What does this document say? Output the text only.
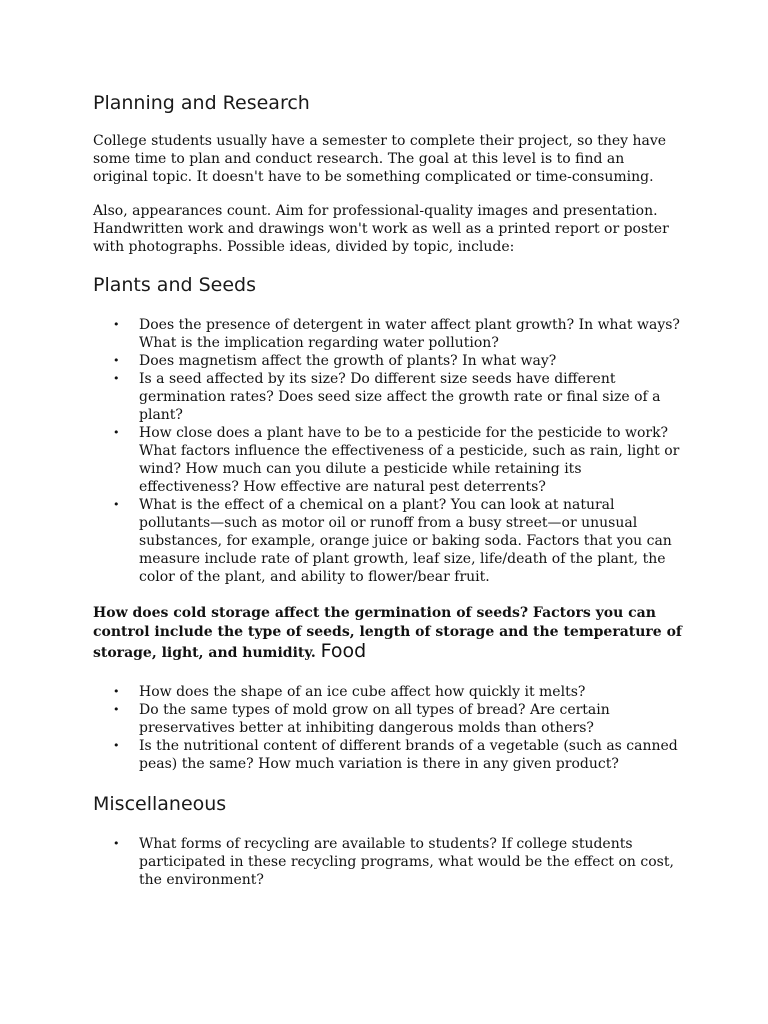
Planning and Research

College students usually have a semester to complete their project, so they have some time to plan and conduct research. The goal at this level is to find an original topic. It doesn't have to be something complicated or time-consuming.

Also, appearances count. Aim for professional-quality images and presentation. Handwritten work and drawings won't work as well as a printed report or poster with photographs. Possible ideas, divided by topic, include:

Plants and Seeds
• Does the presence of detergent in water affect plant growth? In what ways? What is the implication regarding water pollution?
• Does magnetism affect the growth of plants? In what way?
• Is a seed affected by its size? Do different size seeds have different germination rates? Does seed size affect the growth rate or final size of a plant?
• How close does a plant have to be to a pesticide for the pesticide to work? What factors influence the effectiveness of a pesticide, such as rain, light or wind? How much can you dilute a pesticide while retaining its effectiveness? How effective are natural pest deterrents?
• What is the effect of a chemical on a plant? You can look at natural pollutants—such as motor oil or runoff from a busy street—or unusual substances, for example, orange juice or baking soda. Factors that you can measure include rate of plant growth, leaf size, life/death of the plant, the color of the plant, and ability to flower/bear fruit.

How does cold storage affect the germination of seeds? Factors you can control include the type of seeds, length of storage and the temperature of storage, light, and humidity. Food

• How does the shape of an ice cube affect how quickly it melts?
• Do the same types of mold grow on all types of bread? Are certain preservatives better at inhibiting dangerous molds than others?
• Is the nutritional content of different brands of a vegetable (such as canned peas) the same? How much variation is there in any given product?
Miscellaneous
• What forms of recycling are available to students? If college students participated in these recycling programs, what would be the effect on cost, the environment?
